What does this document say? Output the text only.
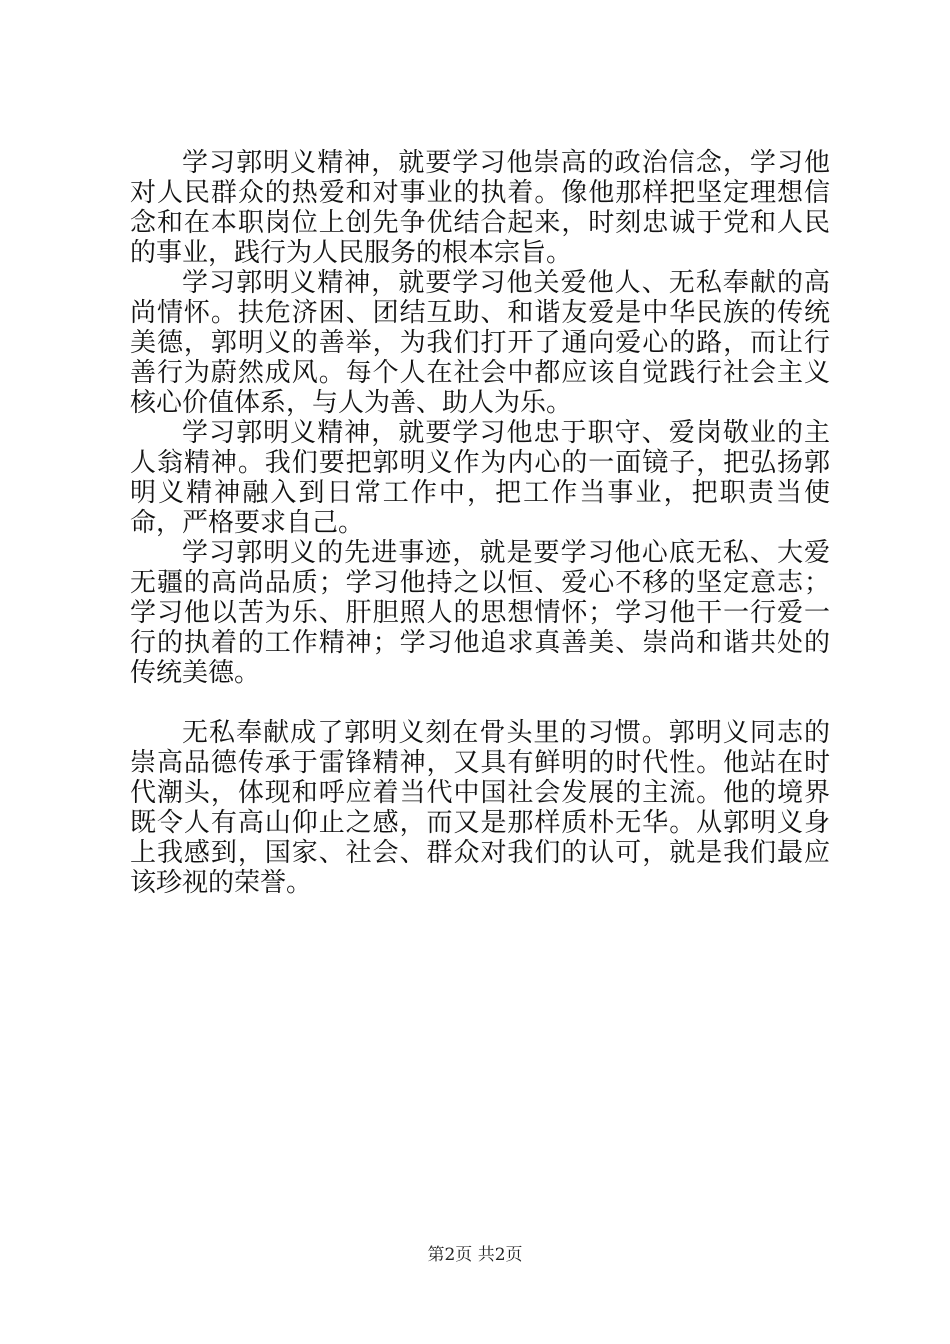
学习郭明义精神，就要学习他崇高的政治信念，学习他对人民群众的热爱和对事业的执着。像他那样把坚定理想信念和在本职岗位上创先争优结合起来，时刻忠诚于党和人民的事业，践行为人民服务的根本宗旨。

学习郭明义精神，就要学习他关爱他人、无私奉献的高尚情怀。扶危济困、团结互助、和谐友爱是中华民族的传统美德，郭明义的善举，为我们打开了通向爱心的路，而让行善行为蔚然成风。每个人在社会中都应该自觉践行社会主义核心价值体系，与人为善、助人为乐。

学习郭明义精神，就要学习他忠于职守、爱岗敬业的主人翁精神。我们要把郭明义作为内心的一面镜子，把弘扬郭明义精神融入到日常工作中，把工作当事业，把职责当使命，严格要求自己。

学习郭明义的先进事迹，就是要学习他心底无私、大爱无疆的高尚品质；学习他持之以恒、爱心不移的坚定意志；学习他以苦为乐、肝胆照人的思想情怀；学习他干一行爱一行的执着的工作精神；学习他追求真善美、崇尚和谐共处的传统美德。

无私奉献成了郭明义刻在骨头里的习惯。郭明义同志的崇高品德传承于雷锋精神，又具有鲜明的时代性。他站在时代潮头，体现和呼应着当代中国社会发展的主流。他的境界既令人有高山仰止之感，而又是那样质朴无华。从郭明义身上我感到，国家、社会、群众对我们的认可，就是我们最应该珍视的荣誉。

第2页 共2页
